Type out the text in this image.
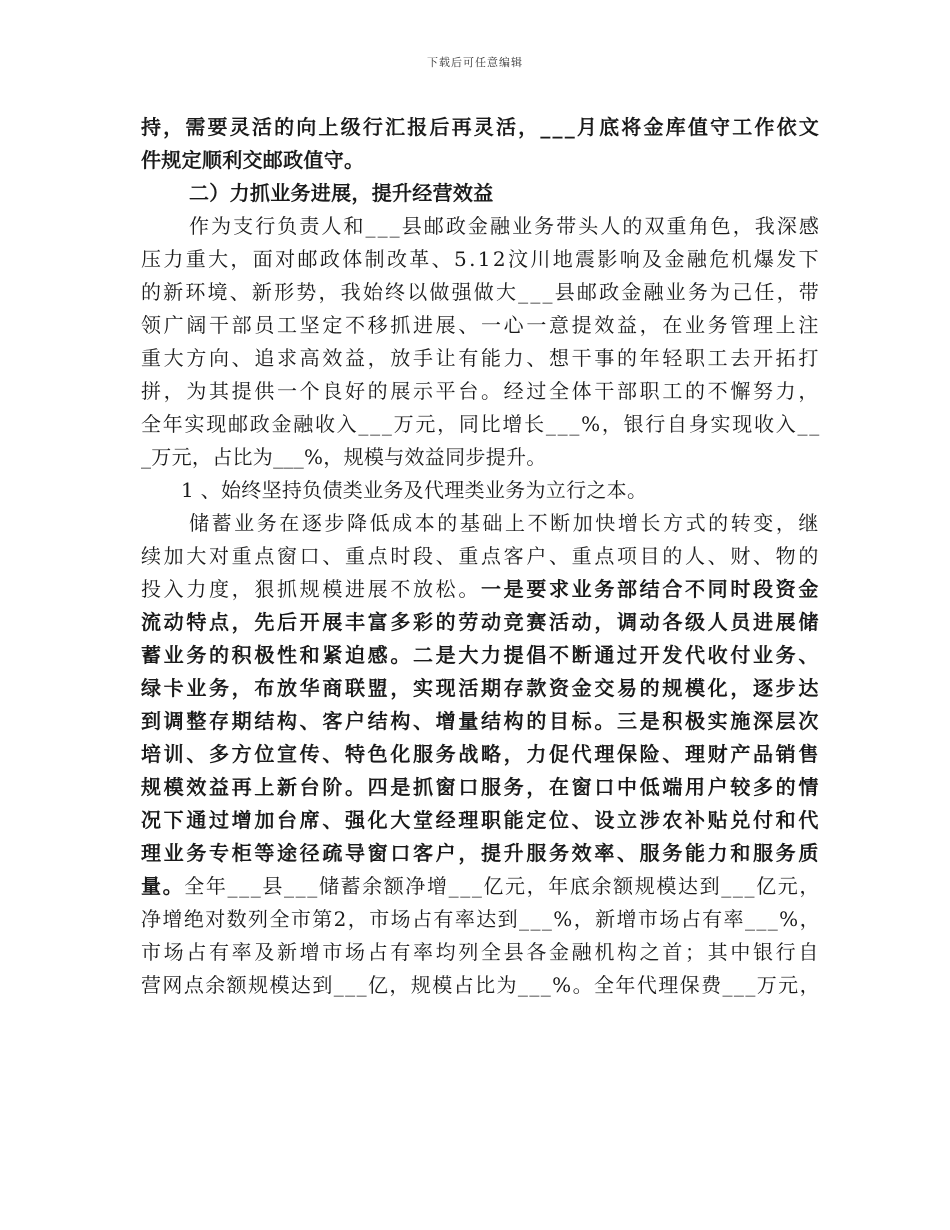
下载后可任意编辑
持，需要灵活的向上级行汇报后再灵活，___月底将金库值守工作依文
件规定顺利交邮政值守。
二）力抓业务进展，提升经营效益
作为支行负责人和___县邮政金融业务带头人的双重角色，我深感
压力重大，面对邮政体制改革、5.12汶川地震影响及金融危机爆发下
的新环境、新形势，我始终以做强做大___县邮政金融业务为己任，带
领广阔干部员工坚定不移抓进展、一心一意提效益，在业务管理上注
重大方向、追求高效益，放手让有能力、想干事的年轻职工去开拓打
拼，为其提供一个良好的展示平台。经过全体干部职工的不懈努力，
全年实现邮政金融收入___万元，同比增长___%，银行自身实现收入__
_万元，占比为___%，规模与效益同步提升。
1 、始终坚持负债类业务及代理类业务为立行之本。
储蓄业务在逐步降低成本的基础上不断加快增长方式的转变，继
续加大对重点窗口、重点时段、重点客户、重点项目的人、财、物的
投入力度，狠抓规模进展不放松。一是要求业务部结合不同时段资金
流动特点，先后开展丰富多彩的劳动竞赛活动，调动各级人员进展储
蓄业务的积极性和紧迫感。二是大力提倡不断通过开发代收付业务、
绿卡业务，布放华商联盟，实现活期存款资金交易的规模化，逐步达
到调整存期结构、客户结构、增量结构的目标。三是积极实施深层次
培训、多方位宣传、特色化服务战略，力促代理保险、理财产品销售
规模效益再上新台阶。四是抓窗口服务，在窗口中低端用户较多的情
况下通过增加台席、强化大堂经理职能定位、设立涉农补贴兑付和代
理业务专柜等途径疏导窗口客户，提升服务效率、服务能力和服务质
量。全年___县___储蓄余额净增___亿元，年底余额规模达到___亿元，
净增绝对数列全市第2，市场占有率达到___%，新增市场占有率___%，
市场占有率及新增市场占有率均列全县各金融机构之首；其中银行自
营网点余额规模达到___亿，规模占比为___%。全年代理保费___万元，
